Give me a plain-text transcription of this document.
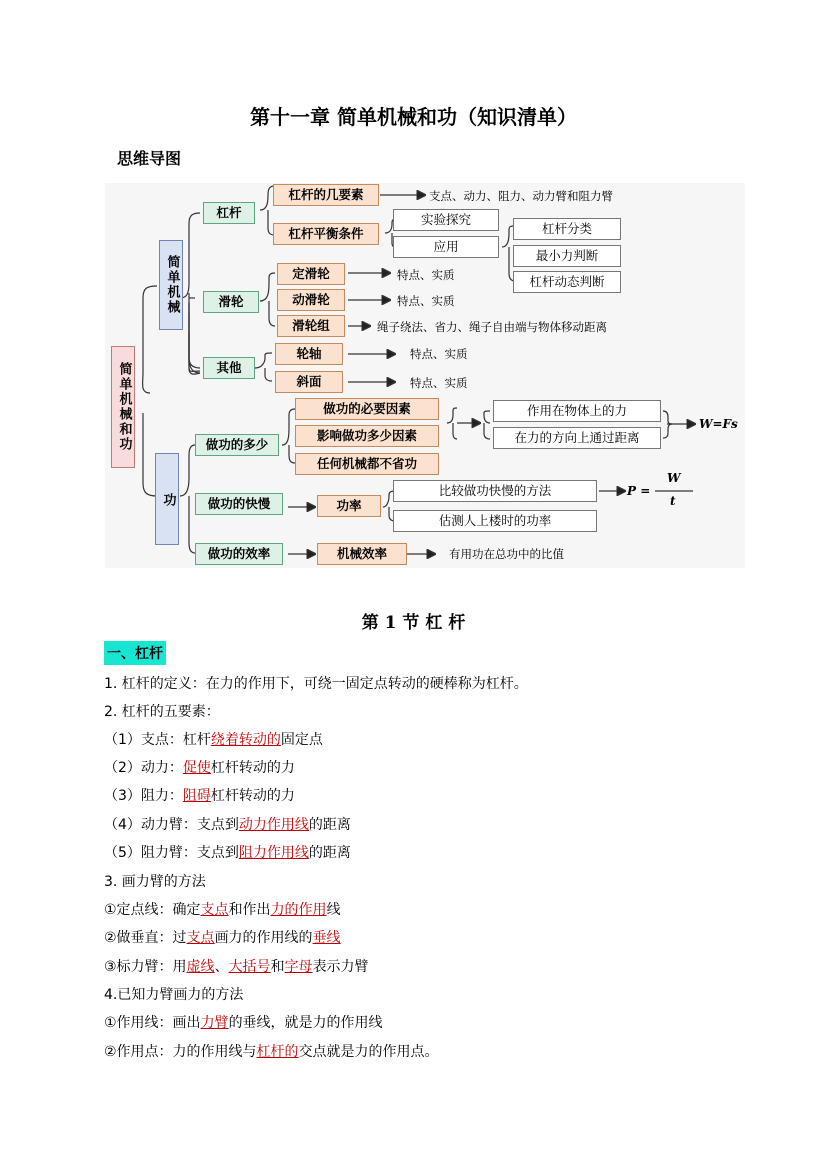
第十一章 简单机械和功（知识清单）
思维导图
简单机械和功
简单机械
功
杠杆
杠杆的几要素	支点、动力、阻力、动力臂和阻力臂
杠杆平衡条件
实验探究
应用
杠杆分类
最小力判断
杠杆动态判断
滑轮
定滑轮	特点、实质
动滑轮	特点、实质
滑轮组	绳子绕法、省力、绳子自由端与物体移动距离
其他
轮轴	特点、实质
斜面	特点、实质
做功的多少
做功的必要因素
影响做功多少因素
任何机械都不省功
作用在物体上的力
在力的方向上通过距离
W=Fs
做功的快慢	功率
比较做功快慢的方法
估测人上楼时的功率
P =
W
t
做功的效率	机械效率	有用功在总功中的比值
第 1 节 杠 杆
一、杠杆
1. 杠杆的定义：在力的作用下，可绕一固定点转动的硬棒称为杠杆。
2. 杠杆的五要素：
（1）支点：杠杆绕着转动的固定点
（2）动力：促使杠杆转动的力
（3）阻力：阻碍杠杆转动的力
（4）动力臂：支点到动力作用线的距离
（5）阻力臂：支点到阻力作用线的距离
3. 画力臂的方法
①定点线：确定支点和作出力的作用线
②做垂直：过支点画力的作用线的垂线
③标力臂：用虚线、大括号和字母表示力臂
4.已知力臂画力的方法
①作用线：画出力臂的垂线，就是力的作用线
②作用点：力的作用线与杠杆的交点就是力的作用点。
